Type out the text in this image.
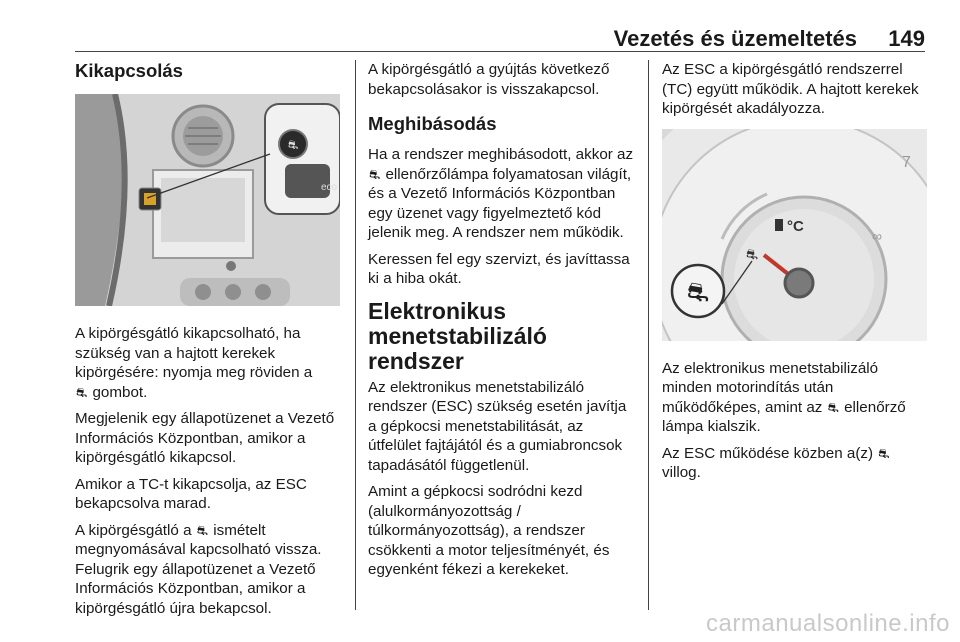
Vezetés és üzemeltetés 149
Kikapcsolás
⛐
eco

A kipörgésgátló kikapcsolható, ha szükség van a hajtott kerekek kipörgésére: nyomja meg röviden a
⛐ gombot.

Megjelenik egy állapotüzenet a Vezető Információs Központban, amikor a kipörgésgátló kikapcsol.

Amikor a TC-t kikapcsolja, az ESC bekapcsolva marad.

A kipörgésgátló a ⛐ ismételt megnyomásával kapcsolható vissza. Felugrik egy állapotüzenet a Vezető Információs Központban, amikor a kipörgésgátló újra bekapcsol.

A kipörgésgátló a gyújtás következő bekapcsolásakor is visszakapcsol.

Meghibásodás

Ha a rendszer meghibásodott, akkor az ⛐ ellenőrzőlámpa folyamatosan világít, és a Vezető Információs Központban egy üzenet vagy figyelmeztető kód jelenik meg. A rendszer nem működik.

Keressen fel egy szervizt, és javíttassa ki a hiba okát.

Elektronikus
menetstabilizáló rendszer

Az elektronikus menetstabilizáló rendszer (ESC) szükség esetén javítja a gépkocsi menetstabilitását, az útfelület fajtájától és a gumiabroncsok tapadásától függetlenül.

Amint a gépkocsi sodródni kezd (alulkormányozottság / túlkormányozottság), a rendszer csökkenti a motor teljesítményét, és egyenként fékezi a kerekeket.

Az ESC a kipörgésgátló rendszerrel (TC) együtt működik. A hajtott kerekek kipörgését akadályozza.

7
∞
°C
⛐
⛐

Az elektronikus menetstabilizáló minden motorindítás után működőképes, amint az ⛐ ellenőrző lámpa kialszik.

Az ESC működése közben a(z) ⛐
villog.

carmanualsonline.info
